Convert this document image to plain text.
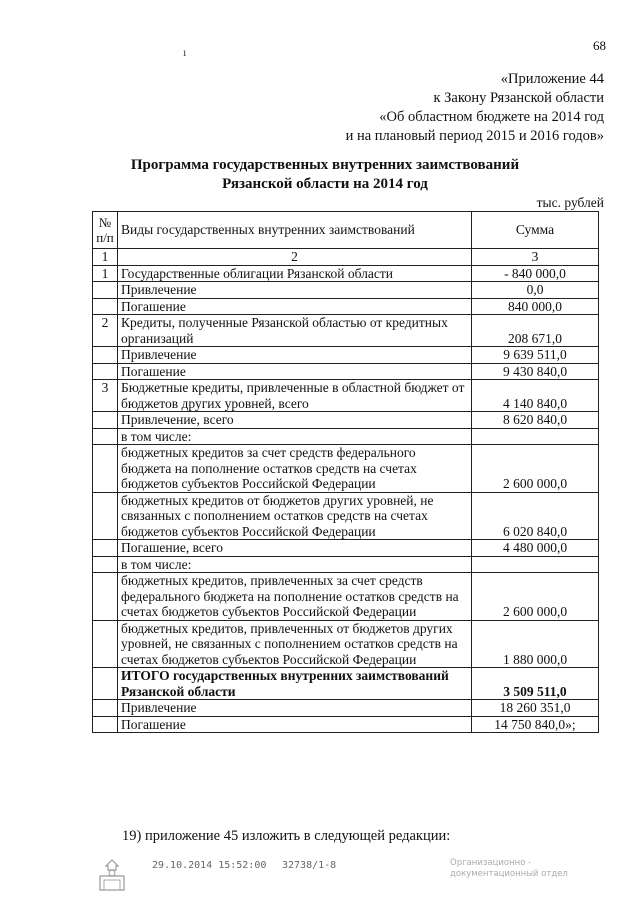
68
ı
«Приложение 44
к Закону Рязанской области
«Об областном бюджете на 2014 год
и на плановый период 2015 и 2016 годов»
Программа государственных внутренних заимствований
Рязанской области на 2014 год
тыс. рублей
№ п/п	Виды государственных внутренних заимствований	Сумма
1	2	3
1	Государственные облигации Рязанской области	- 840 000,0
	Привлечение	0,0
	Погашение	840 000,0
2	Кредиты, полученные Рязанской областью от кредитных организаций	208 671,0
	Привлечение	9 639 511,0
	Погашение	9 430 840,0
3	Бюджетные кредиты, привлеченные в областной бюджет от бюджетов других уровней, всего	4 140 840,0
	Привлечение, всего	8 620 840,0
	в том числе:	
	бюджетных кредитов за счет средств федерального бюджета на пополнение остатков средств на счетах бюджетов субъектов Российской Федерации	2 600 000,0
	бюджетных кредитов от бюджетов других уровней, не связанных с пополнением остатков средств на счетах бюджетов субъектов Российской Федерации	6 020 840,0
	Погашение, всего	4 480 000,0
	в том числе:	
	бюджетных кредитов, привлеченных за счет средств федерального бюджета на пополнение остатков средств на счетах бюджетов субъектов Российской Федерации	2 600 000,0
	бюджетных кредитов, привлеченных от бюджетов других уровней, не связанных с пополнением остатков средств на счетах бюджетов субъектов Российской Федерации	1 880 000,0
	ИТОГО государственных внутренних заимствований Рязанской области	3 509 511,0
	Привлечение	18 260 351,0
	Погашение	14 750 840,0»;
19) приложение 45 изложить в следующей редакции:
29.10.2014 15:52:00 32738/1-8	Организационно -
документационный отдел
